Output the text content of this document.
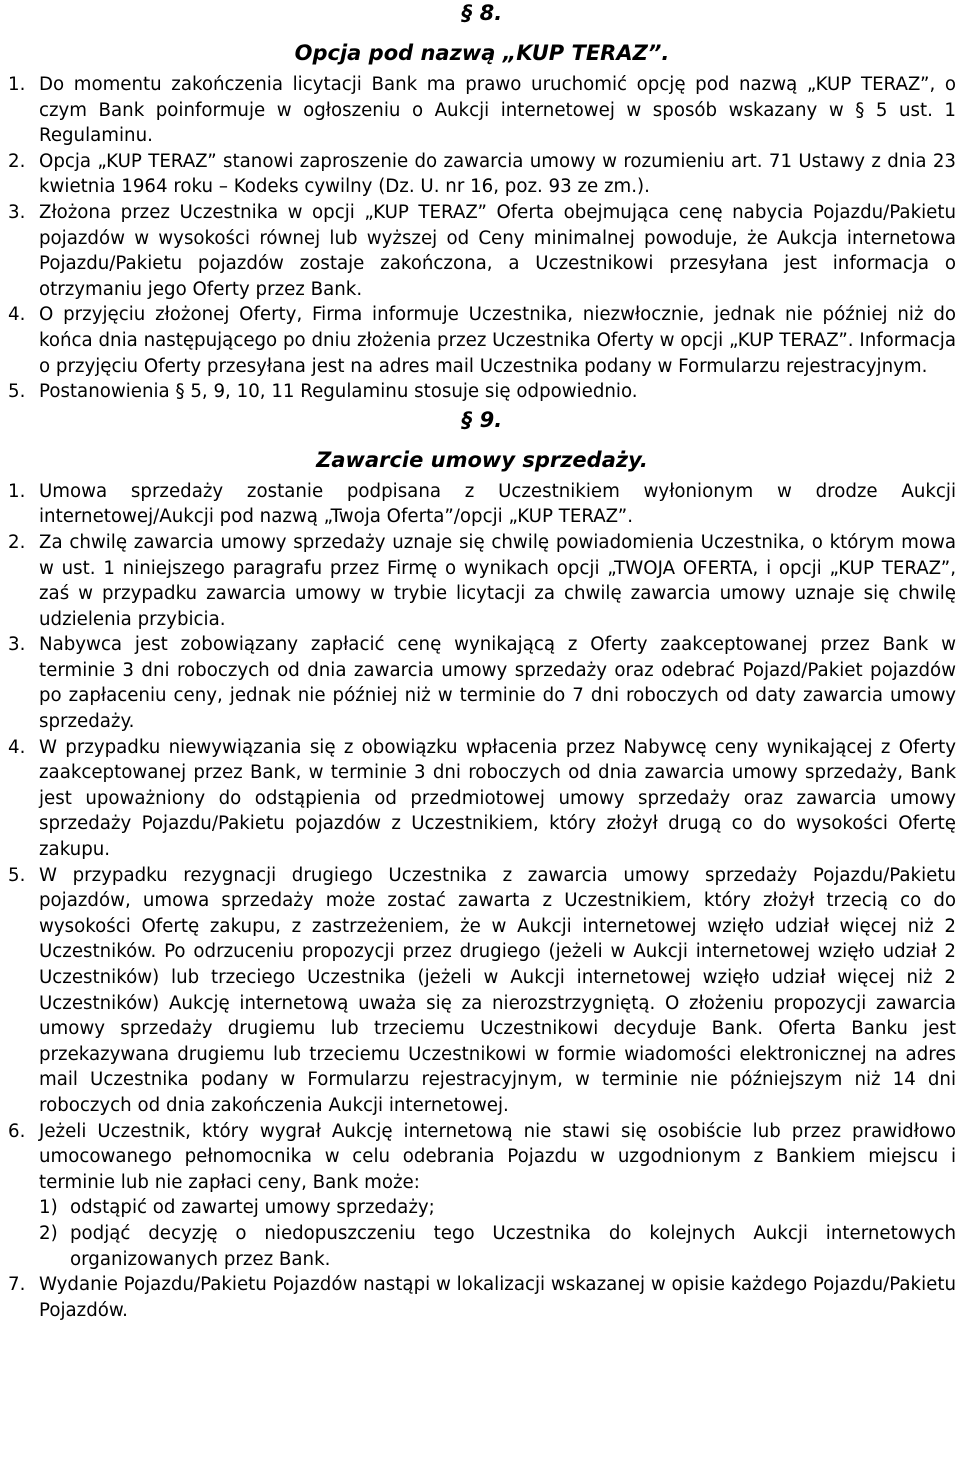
§ 8.
Opcja pod nazwą „KUP TERAZ”.
1. Do momentu zakończenia licytacji Bank ma prawo uruchomić opcję pod nazwą „KUP TERAZ”, o czym Bank poinformuje w ogłoszeniu o Aukcji internetowej w sposób wskazany w § 5 ust. 1 Regulaminu.
2. Opcja „KUP TERAZ” stanowi zaproszenie do zawarcia umowy w rozumieniu art. 71 Ustawy z dnia 23 kwietnia 1964 roku – Kodeks cywilny (Dz. U. nr 16, poz. 93 ze zm.).
3. Złożona przez Uczestnika w opcji „KUP TERAZ” Oferta obejmująca cenę nabycia Pojazdu/Pakietu pojazdów w wysokości równej lub wyższej od Ceny minimalnej powoduje, że Aukcja internetowa Pojazdu/Pakietu pojazdów zostaje zakończona, a Uczestnikowi przesyłana jest informacja o otrzymaniu jego Oferty przez Bank.
4. O przyjęciu złożonej Oferty, Firma informuje Uczestnika, niezwłocznie, jednak nie później niż do końca dnia następującego po dniu złożenia przez Uczestnika Oferty w opcji „KUP TERAZ”. Informacja o przyjęciu Oferty przesyłana jest na adres mail Uczestnika podany w Formularzu rejestracyjnym.
5. Postanowienia § 5, 9, 10, 11 Regulaminu stosuje się odpowiednio.
§ 9.
Zawarcie umowy sprzedaży.
1. Umowa sprzedaży zostanie podpisana z Uczestnikiem wyłonionym w drodze Aukcji internetowej/Aukcji pod nazwą „Twoja Oferta”/opcji „KUP TERAZ”.
2. Za chwilę zawarcia umowy sprzedaży uznaje się chwilę powiadomienia Uczestnika, o którym mowa w ust. 1 niniejszego paragrafu przez Firmę o wynikach opcji „TWOJA OFERTA, i opcji „KUP TERAZ”, zaś w przypadku zawarcia umowy w trybie licytacji za chwilę zawarcia umowy uznaje się chwilę udzielenia przybicia.
3. Nabywca jest zobowiązany zapłacić cenę wynikającą z Oferty zaakceptowanej przez Bank w terminie 3 dni roboczych od dnia zawarcia umowy sprzedaży oraz odebrać Pojazd/Pakiet pojazdów po zapłaceniu ceny, jednak nie później niż w terminie do 7 dni roboczych od daty zawarcia umowy sprzedaży.
4. W przypadku niewywiązania się z obowiązku wpłacenia przez Nabywcę ceny wynikającej z Oferty zaakceptowanej przez Bank, w terminie 3 dni roboczych od dnia zawarcia umowy sprzedaży, Bank jest upoważniony do odstąpienia od przedmiotowej umowy sprzedaży oraz zawarcia umowy sprzedaży Pojazdu/Pakietu pojazdów z Uczestnikiem, który złożył drugą co do wysokości Ofertę zakupu.
5. W przypadku rezygnacji drugiego Uczestnika z zawarcia umowy sprzedaży Pojazdu/Pakietu pojazdów, umowa sprzedaży może zostać zawarta z Uczestnikiem, który złożył trzecią co do wysokości Ofertę zakupu, z zastrzeżeniem, że w Aukcji internetowej wzięło udział więcej niż 2 Uczestników. Po odrzuceniu propozycji przez drugiego (jeżeli w Aukcji internetowej wzięło udział 2 Uczestników) lub trzeciego Uczestnika (jeżeli w Aukcji internetowej wzięło udział więcej niż 2 Uczestników) Aukcję internetową uważa się za nierozstrzygniętą. O złożeniu propozycji zawarcia umowy sprzedaży drugiemu lub trzeciemu Uczestnikowi decyduje Bank. Oferta Banku jest przekazywana drugiemu lub trzeciemu Uczestnikowi w formie wiadomości elektronicznej na adres mail Uczestnika podany w Formularzu rejestracyjnym, w terminie nie późniejszym niż 14 dni roboczych od dnia zakończenia Aukcji internetowej.
6. Jeżeli Uczestnik, który wygrał Aukcję internetową nie stawi się osobiście lub przez prawidłowo umocowanego pełnomocnika w celu odebrania Pojazdu w uzgodnionym z Bankiem miejscu i terminie lub nie zapłaci ceny, Bank może:
1) odstąpić od zawartej umowy sprzedaży;
2) podjąć decyzję o niedopuszczeniu tego Uczestnika do kolejnych Aukcji internetowych organizowanych przez Bank.
7. Wydanie Pojazdu/Pakietu Pojazdów nastąpi w lokalizacji wskazanej w opisie każdego Pojazdu/Pakietu Pojazdów.
